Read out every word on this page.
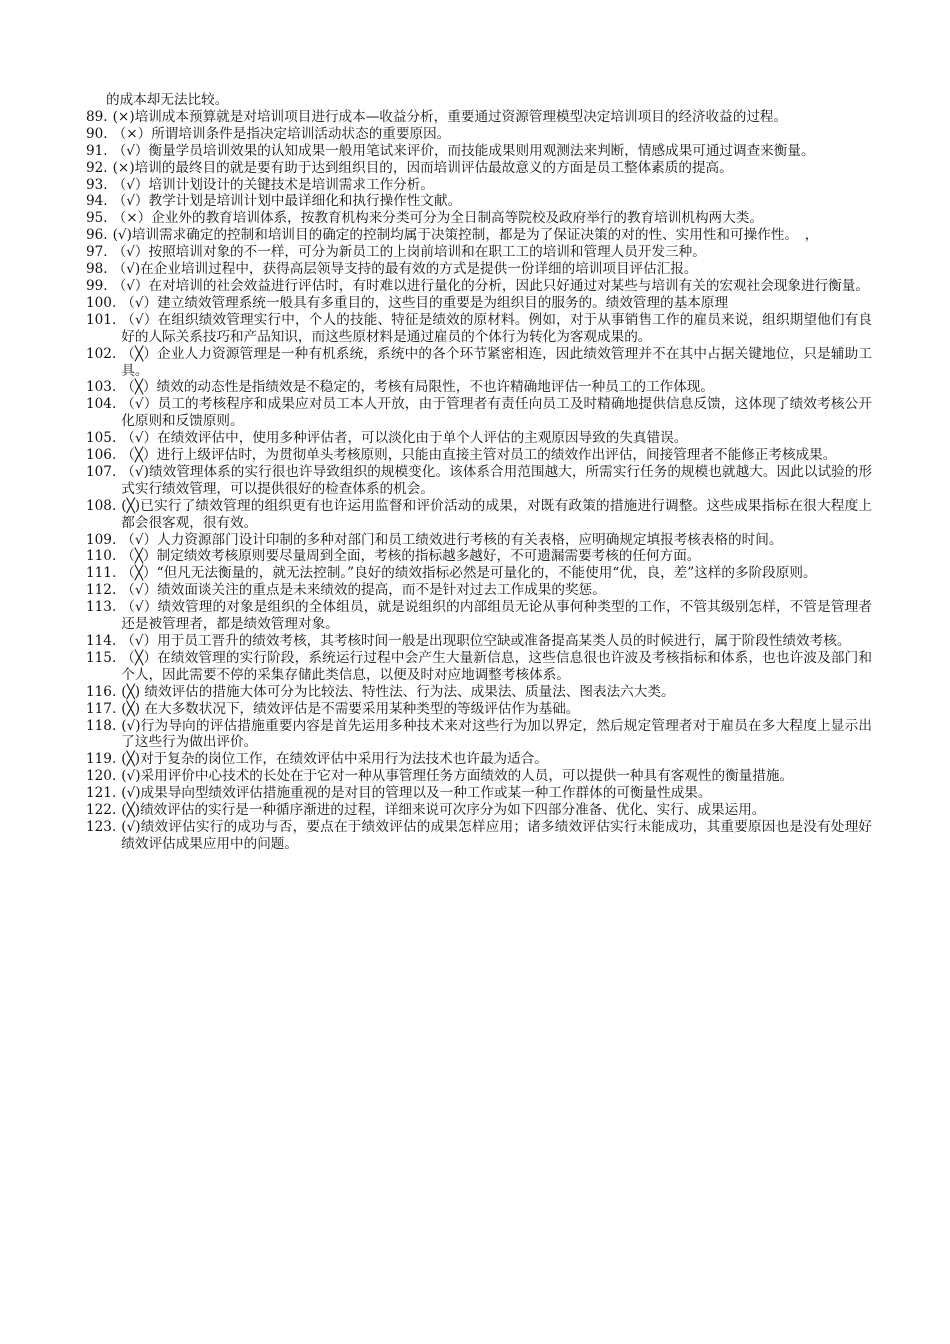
的成本却无法比较。

89. (×)培训成本预算就是对培训项目进行成本—收益分析，重要通过资源管理模型决定培训项目的经济收益的过程。
90. （×）所谓培训条件是指决定培训活动状态的重要原因。
91. （√）衡量学员培训效果的认知成果一般用笔试来评价，而技能成果则用观测法来判断，情感成果可通过调查来衡量。
92. (×)培训的最终目的就是要有助于达到组织目的，因而培训评估最故意义的方面是员工整体素质的提高。
93. （√）培训计划设计的关键技术是培训需求工作分析。
94. （√）教学计划是培训计划中最详细化和执行操作性文献。
95. （×）企业外的教育培训体系，按教育机构来分类可分为全日制高等院校及政府举行的教育培训机构两大类。
96. (√)培训需求确定的控制和培训目的确定的控制均属于决策控制，都是为了保证决策的对的性、实用性和可操作性。　，
97. （√）按照培训对象的不一样，可分为新员工的上岗前培训和在职工工的培训和管理人员开发三种。
98. （√)在企业培训过程中，获得高层领导支持的最有效的方式是提供一份详细的培训项目评估汇报。
99. （√）在对培训的社会效益进行评估时，有时难以进行量化的分析，因此只好通过对某些与培训有关的宏观社会现象进行衡量。
100. （√）建立绩效管理系统一般具有多重目的，这些目的重要是为组织目的服务的。绩效管理的基本原理
101. （√）在组织绩效管理实行中，个人的技能、特征是绩效的原材料。例如，对于从事销售工作的雇员来说，组织期望他们有良好的人际关系技巧和产品知识，而这些原材料是通过雇员的个体行为转化为客观成果的。
102. （╳）企业人力资源管理是一种有机系统，系统中的各个环节紧密相连，因此绩效管理并不在其中占据关键地位，只是辅助工具。
103. （╳）绩效的动态性是指绩效是不稳定的，考核有局限性，不也许精确地评估一种员工的工作体现。
104. （√）员工的考核程序和成果应对员工本人开放，由于管理者有责任向员工及时精确地提供信息反馈，这体现了绩效考核公开化原则和反馈原则。
105. （√）在绩效评估中，使用多种评估者，可以淡化由于单个人评估的主观原因导致的失真错误。
106. （╳）进行上级评估时，为贯彻单头考核原则，只能由直接主管对员工的绩效作出评估，间接管理者不能修正考核成果。
107. （√)绩效管理体系的实行很也许导致组织的规模变化。该体系合用范围越大，所需实行任务的规模也就越大。因此以试验的形式实行绩效管理，可以提供很好的检查体系的机会。
108. (╳)已实行了绩效管理的组织更有也许运用监督和评价活动的成果，对既有政策的措施进行调整。这些成果指标在很大程度上都会很客观，很有效。
109. （√）人力资源部门设计印制的多种对部门和员工绩效进行考核的有关表格，应明确规定填报考核表格的时间。
110. （╳）制定绩效考核原则要尽量周到全面，考核的指标越多越好，不可遗漏需要考核的任何方面。
111. （╳）“但凡无法衡量的，就无法控制。”良好的绩效指标必然是可量化的，不能使用“优，良，差”这样的多阶段原则。
112. （√）绩效面谈关注的重点是未来绩效的提高，而不是针对过去工作成果的奖惩。
113. （√）绩效管理的对象是组织的全体组员，就是说组织的内部组员无论从事何种类型的工作，不管其级别怎样，不管是管理者还是被管理者，都是绩效管理对象。
114. （√）用于员工晋升的绩效考核，其考核时间一般是出现职位空缺或准备提高某类人员的时候进行，属于阶段性绩效考核。
115. （╳）在绩效管理的实行阶段，系统运行过程中会产生大量新信息，这些信息很也许波及考核指标和体系，也也许波及部门和个人，因此需要不停的采集存储此类信息，以便及时对应地调整考核体系。
116. (╳) 绩效评估的措施大体可分为比较法、特性法、行为法、成果法、质量法、图表法六大类。
117. (╳) 在大多数状况下，绩效评估是不需要采用某种类型的等级评估作为基础。
118. (√)行为导向的评估措施重要内容是首先运用多种技术来对这些行为加以界定，然后规定管理者对于雇员在多大程度上显示出了这些行为做出评价。
119. (╳)对于复杂的岗位工作，在绩效评估中采用行为法技术也许最为适合。
120. (√)采用评价中心技术的长处在于它对一种从事管理任务方面绩效的人员，可以提供一种具有客观性的衡量措施。
121. (√)成果导向型绩效评估措施重视的是对目的管理以及一种工作或某一种工作群体的可衡量性成果。
122. (╳)绩效评估的实行是一种循序渐进的过程，详细来说可次序分为如下四部分准备、优化、实行、成果运用。
123. (√)绩效评估实行的成功与否，要点在于绩效评估的成果怎样应用；诸多绩效评估实行未能成功，其重要原因也是没有处理好绩效评估成果应用中的问题。
